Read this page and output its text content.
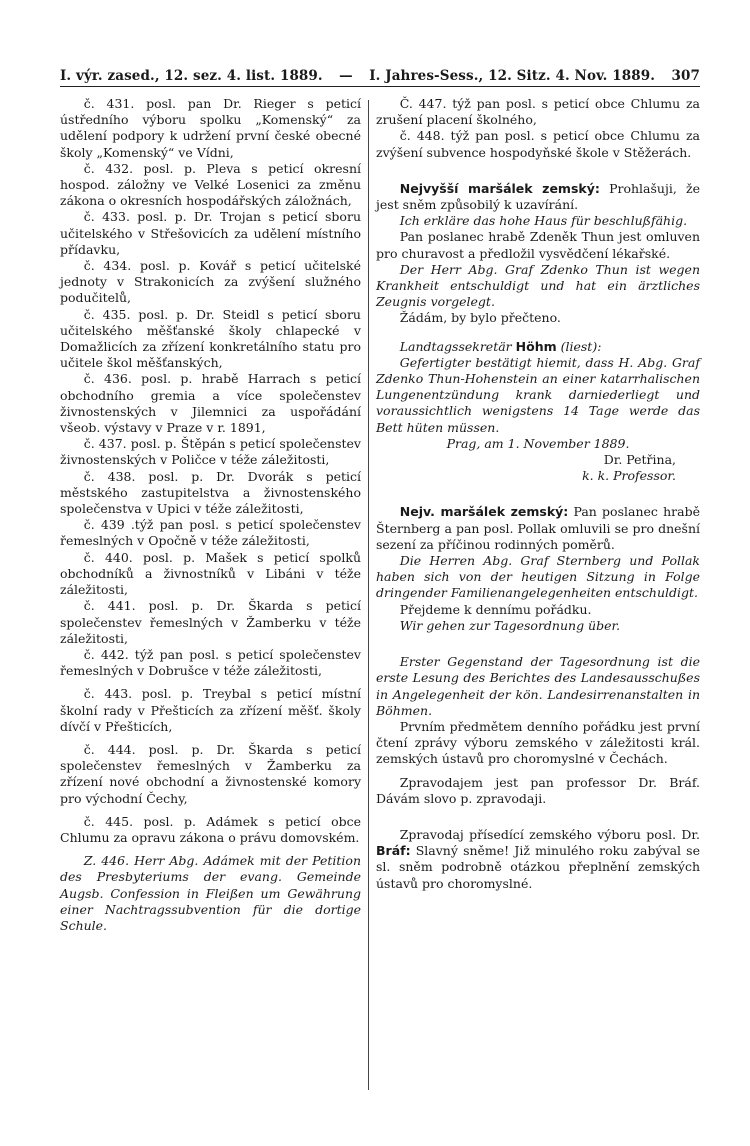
I. výr. zased., 12. sez. 4. list. 1889. — I. Jahres-Sess., 12. Sitz. 4. Nov. 1889. 307

č. 431. posl. pan Dr. Rieger s peticí ústředního výboru spolku „Komenský“ za udělení podpory k udržení první české obecné školy „Komenský“ ve Vídni,

č. 432. posl. p. Pleva s peticí okresní hospod. záložny ve Velké Losenici za změnu zákona o okresních hospodářských záložnách,

č. 433. posl. p. Dr. Trojan s peticí sboru učitelského v Střešovicích za udělení místního přídavku,

č. 434. posl. p. Kovář s peticí učitelské jednoty v Strakonicích za zvýšení služného podučitelů,

č. 435. posl. p. Dr. Steidl s peticí sboru učitelského měšťanské školy chlapecké v Domažlicích za zřízení konkretálního statu pro učitele škol měšťanských,

č. 436. posl. p. hrabě Harrach s peticí obchodního gremia a více společenstev živnostenských v Jilemnici za uspořádání všeob. výstavy v Praze v r. 1891,

č. 437. posl. p. Štěpán s peticí společenstev živnostenských v Poličce v téže záležitosti,

č. 438. posl. p. Dr. Dvorák s peticí městského zastupitelstva a živnostenského společenstva v Upici v téže záležitosti,

č. 439 .týž pan posl. s peticí společenstev řemeslných v Opočně v téže záležitosti,

č. 440. posl. p. Mašek s peticí spolků obchodníků a živnostníků v Libáni v téže záležitosti,

č. 441. posl. p. Dr. Škarda s peticí společenstev řemeslných v Žamberku v téže záležitosti,

č. 442. týž pan posl. s peticí společenstev řemeslných v Dobrušce v téže záležitosti,

č. 443. posl. p. Treybal s peticí místní školní rady v Přešticích za zřízení měšť. školy dívčí v Přešticích,

č. 444. posl. p. Dr. Škarda s peticí společenstev řemeslných v Žamberku za zřízení nové obchodní a živnostenské komory pro východní Čechy,

č. 445. posl. p. Adámek s peticí obce Chlumu za opravu zákona o právu domovském.

Z. 446. Herr Abg. Adámek mit der Petition des Presbyteriums der evang. Gemeinde Augsb. Confession in Fleißen um Gewährung einer Nachtragssubvention für die dortige Schule.

Č. 447. týž pan posl. s peticí obce Chlumu za zrušení placení školného,

č. 448. týž pan posl. s peticí obce Chlumu za zvýšení subvence hospodyňské škole v Stěžerách.

Nejvyšší maršálek zemský: Prohlašuji, že jest sněm způsobilý k uzavírání.

Ich erkläre das hohe Haus für beschlußfähig.

Pan poslanec hrabě Zdeněk Thun jest omluven pro churavost a předložil vysvědčení lékařské.

Der Herr Abg. Graf Zdenko Thun ist wegen Krankheit entschuldigt und hat ein ärztliches Zeugnis vorgelegt.

Žádám, by bylo přečteno.

Landtagssekretär Höhm (liest):

Gefertigter bestätigt hiemit, dass H. Abg. Graf Zdenko Thun-Hohenstein an einer katarrhalischen Lungenentzündung krank darniederliegt und voraussichtlich wenigstens 14 Tage werde das Bett hüten müssen.

Prag, am 1. November 1889.

Dr. Petřina,

k. k. Professor.

Nejv. maršálek zemský: Pan poslanec hrabě Šternberg a pan posl. Pollak omluvili se pro dnešní sezení za příčinou rodinných poměrů.

Die Herren Abg. Graf Sternberg und Pollak haben sich von der heutigen Sitzung in Folge dringender Familienangelegenheiten entschuldigt.

Přejdeme k dennímu pořádku.

Wir gehen zur Tagesordnung über.

Erster Gegenstand der Tagesordnung ist die erste Lesung des Berichtes des Landesausschußes in Angelegenheit der kön. Landesirrenanstalten in Böhmen.

Prvním předmětem denního pořádku jest první čtení zprávy výboru zemského v záležitosti král. zemských ústavů pro choromyslné v Čechách.

Zpravodajem jest pan professor Dr. Bráf. Dávám slovo p. zpravodaji.

Zpravodaj přísedící zemského výboru posl. Dr. Bráf: Slavný sněme! Již minulého roku zabýval se sl. sněm podrobně otázkou přeplnění zemských ústavů pro choromyslné.
